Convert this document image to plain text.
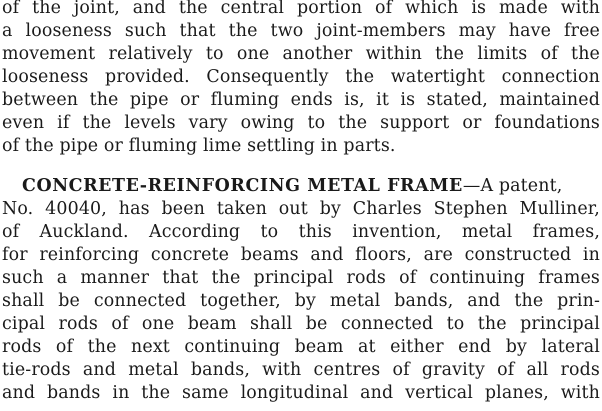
of the joint, and the central portion of which is made with
a looseness such that the two joint-members may have free
movement relatively to one another within the limits of the
looseness provided. Consequently the watertight connection
between the pipe or fluming ends is, it is stated, maintained
even if the levels vary owing to the support or foundations
of the pipe or fluming lime settling in parts.
CONCRETE-REINFORCING METAL FRAME—A patent,
No. 40040, has been taken out by Charles Stephen Mulliner,
of Auckland. According to this invention, metal frames,
for reinforcing concrete beams and floors, are constructed in
such a manner that the principal rods of continuing frames
shall be connected together, by metal bands, and the prin-
cipal rods of one beam shall be connected to the principal
rods of the next continuing beam at either end by lateral
tie-rods and metal bands, with centres of gravity of all rods
and bands in the same longitudinal and vertical planes, with
